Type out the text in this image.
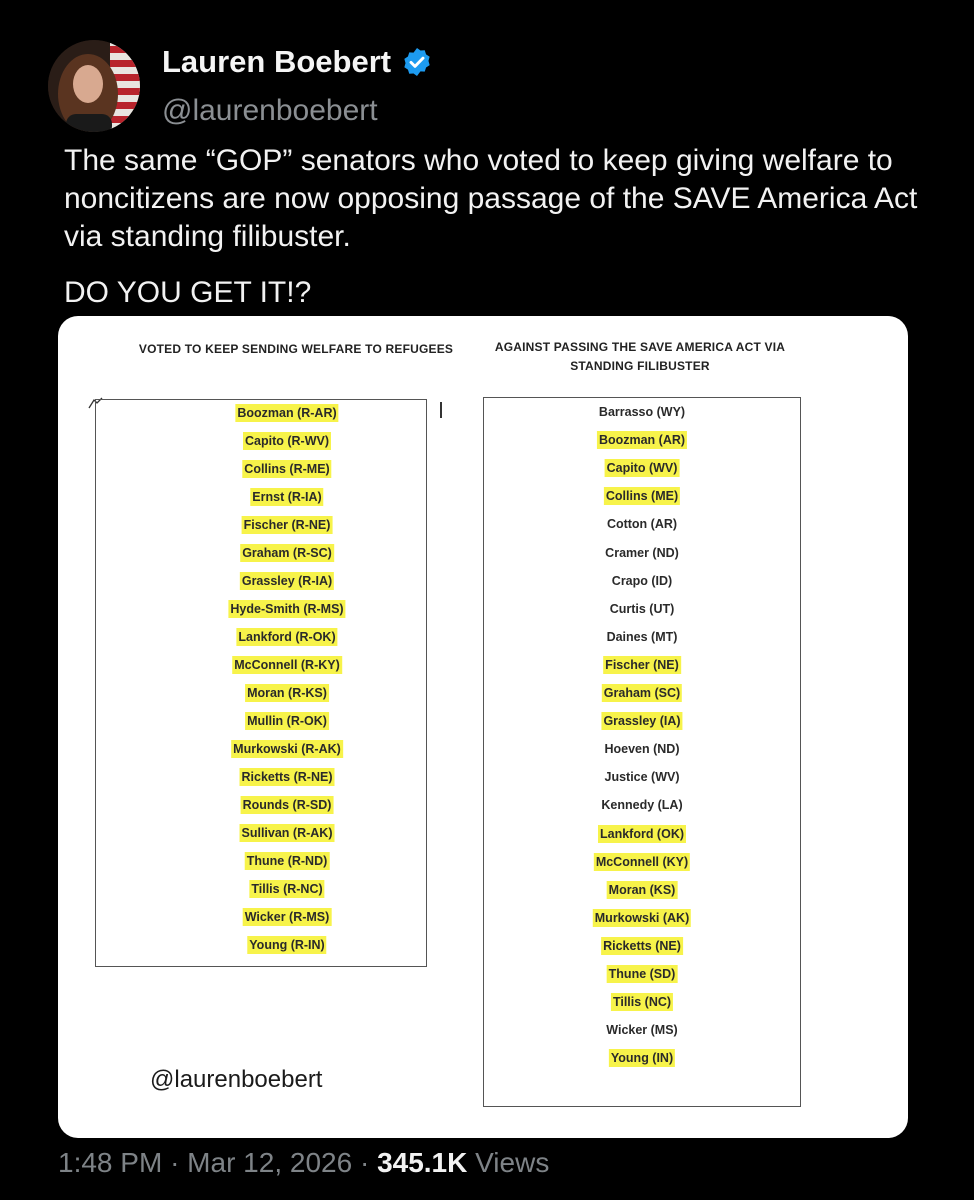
Lauren Boebert
@laurenboebert

The same “GOP” senators who voted to keep giving welfare to noncitizens are now opposing passage of the SAVE America Act via standing filibuster.

DO YOU GET IT!?

VOTED TO KEEP SENDING WELFARE TO REFUGEES	AGAINST PASSING THE SAVE AMERICA ACT VIA STANDING FILIBUSTER
Boozman (R-AR)
Capito (R-WV)
Collins (R-ME)
Ernst (R-IA)
Fischer (R-NE)
Graham (R-SC)
Grassley (R-IA)
Hyde-Smith (R-MS)
Lankford (R-OK)
McConnell (R-KY)
Moran (R-KS)
Mullin (R-OK)
Murkowski (R-AK)
Ricketts (R-NE)
Rounds (R-SD)
Sullivan (R-AK)
Thune (R-ND)
Tillis (R-NC)
Wicker (R-MS)
Young (R-IN)
Barrasso (WY)
Boozman (AR)
Capito (WV)
Collins (ME)
Cotton (AR)
Cramer (ND)
Crapo (ID)
Curtis (UT)
Daines (MT)
Fischer (NE)
Graham (SC)
Grassley (IA)
Hoeven (ND)
Justice (WV)
Kennedy (LA)
Lankford (OK)
McConnell (KY)
Moran (KS)
Murkowski (AK)
Ricketts (NE)
Thune (SD)
Tillis (NC)
Wicker (MS)
Young (IN)
@laurenboebert
1:48 PM · Mar 12, 2026 · 345.1K Views
